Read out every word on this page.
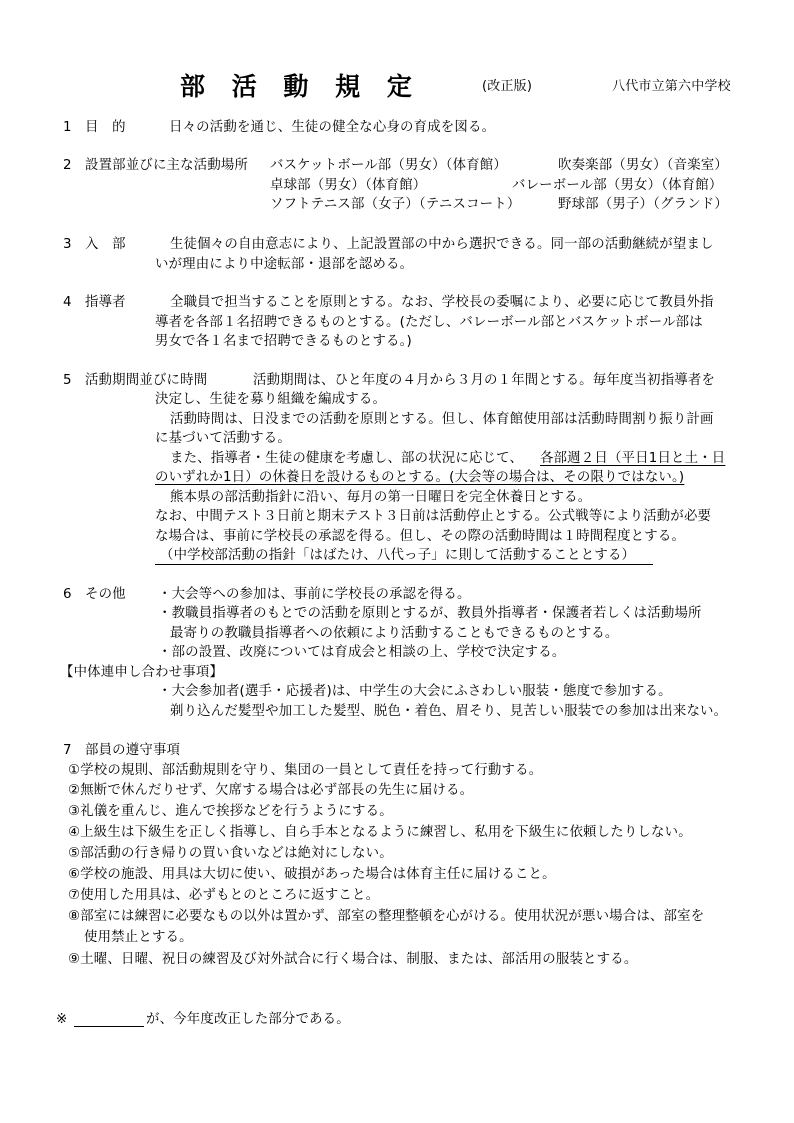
部 活 動 規 定	(改正版)	八代市立第六中学校
1 目　的	日々の活動を通じ、生徒の健全な心身の育成を図る。
2 設置部並びに主な活動場所 バスケットボール部（男女）（体育館）	吹奏楽部（男女）（音楽室）
卓球部（男女）（体育館）	バレーボール部（男女）（体育館）
ソフトテニス部（女子）（テニスコート）	野球部（男子）（グランド）
3 入　部	生徒個々の自由意志により、上記設置部の中から選択できる。同一部の活動継続が望まし
いが理由により中途転部・退部を認める。
4 指導者	全職員で担当することを原則とする。なお、学校長の委嘱により、必要に応じて教員外指
導者を各部１名招聘できるものとする。(ただし、バレーボール部とバスケットボール部は
男女で各１名まで招聘できるものとする。)
5 活動期間並びに時間	活動期間は、ひと年度の４月から３月の１年間とする。毎年度当初指導者を
決定し、生徒を募り組織を編成する。
活動時間は、日没までの活動を原則とする。但し、体育館使用部は活動時間割り振り計画
に基づいて活動する。
また、指導者・生徒の健康を考慮し、部の状況に応じて、 各部週２日（平日1日と土・日
のいずれか1日）の休養日を設けるものとする。(大会等の場合は、その限りではない。)
熊本県の部活動指針に沿い、毎月の第一日曜日を完全休養日とする。
なお、中間テスト３日前と期末テスト３日前は活動停止とする。公式戦等により活動が必要
な場合は、事前に学校長の承認を得る。但し、その際の活動時間は１時間程度とする。
（中学校部活動の指針「はばたけ、八代っ子」に則して活動することとする）
6 その他 ・大会等への参加は、事前に学校長の承認を得る。
・教職員指導者のもとでの活動を原則とするが、教員外指導者・保護者若しくは活動場所
最寄りの教職員指導者への依頼により活動することもできるものとする。
・部の設置、改廃については育成会と相談の上、学校で決定する。
【中体連申し合わせ事項】
・大会参加者(選手・応援者)は、中学生の大会にふさわしい服装・態度で参加する。
剃り込んだ髪型や加工した髪型、脱色・着色、眉そり、見苦しい服装での参加は出来ない。
7 部員の遵守事項
①学校の規則、部活動規則を守り、集団の一員として責任を持って行動する。
②無断で休んだりせず、欠席する場合は必ず部長の先生に届ける。
③礼儀を重んじ、進んで挨拶などを行うようにする。
④上級生は下級生を正しく指導し、自ら手本となるように練習し、私用を下級生に依頼したりしない。
⑤部活動の行き帰りの買い食いなどは絶対にしない。
⑥学校の施設、用具は大切に使い、破損があった場合は体育主任に届けること。
⑦使用した用具は、必ずもとのところに返すこと。
⑧部室には練習に必要なもの以外は置かず、部室の整理整頓を心がける。使用状況が悪い場合は、部室を
使用禁止とする。
⑨土曜、日曜、祝日の練習及び対外試合に行く場合は、制服、または、部活用の服装とする。
※	が、今年度改正した部分である。
